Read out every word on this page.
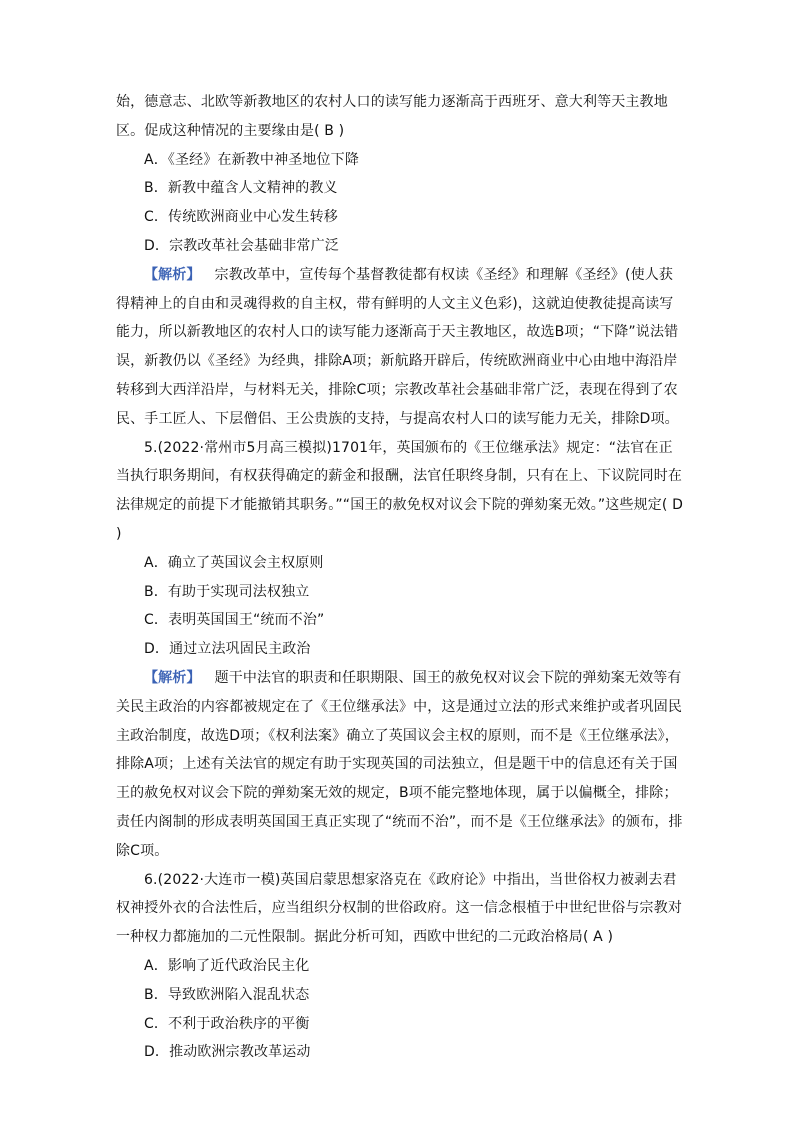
始，德意志、北欧等新教地区的农村人口的读写能力逐渐高于西班牙、意大利等天主教地区。促成这种情况的主要缘由是( B )

A．《圣经》在新教中神圣地位下降

B．新教中蕴含人文精神的教义

C．传统欧洲商业中心发生转移

D．宗教改革社会基础非常广泛

【解析】 宗教改革中，宣传每个基督教徒都有权读《圣经》和理解《圣经》(使人获得精神上的自由和灵魂得救的自主权，带有鲜明的人文主义色彩)，这就迫使教徒提高读写能力，所以新教地区的农村人口的读写能力逐渐高于天主教地区，故选B项；“下降”说法错误，新教仍以《圣经》为经典，排除A项；新航路开辟后，传统欧洲商业中心由地中海沿岸转移到大西洋沿岸，与材料无关，排除C项；宗教改革社会基础非常广泛，表现在得到了农民、手工匠人、下层僧侣、王公贵族的支持，与提高农村人口的读写能力无关，排除D项。

5.(2022·常州市5月高三模拟)1701年，英国颁布的《王位继承法》规定：“法官在正当执行职务期间，有权获得确定的薪金和报酬，法官任职终身制，只有在上、下议院同时在法律规定的前提下才能撤销其职务。”“国王的赦免权对议会下院的弹劾案无效。”这些规定( D )

A．确立了英国议会主权原则

B．有助于实现司法权独立

C．表明英国国王“统而不治”

D．通过立法巩固民主政治

【解析】 题干中法官的职责和任职期限、国王的赦免权对议会下院的弹劾案无效等有关民主政治的内容都被规定在了《王位继承法》中，这是通过立法的形式来维护或者巩固民主政治制度，故选D项；《权利法案》确立了英国议会主权的原则，而不是《王位继承法》，排除A项；上述有关法官的规定有助于实现英国的司法独立，但是题干中的信息还有关于国王的赦免权对议会下院的弹劾案无效的规定，B项不能完整地体现，属于以偏概全，排除；责任内阁制的形成表明英国国王真正实现了“统而不治”，而不是《王位继承法》的颁布，排除C项。

6.(2022·大连市一模)英国启蒙思想家洛克在《政府论》中指出，当世俗权力被剥去君权神授外衣的合法性后，应当组织分权制的世俗政府。这一信念根植于中世纪世俗与宗教对一种权力都施加的二元性限制。据此分析可知，西欧中世纪的二元政治格局( A )

A．影响了近代政治民主化

B．导致欧洲陷入混乱状态

C．不利于政治秩序的平衡

D．推动欧洲宗教改革运动
